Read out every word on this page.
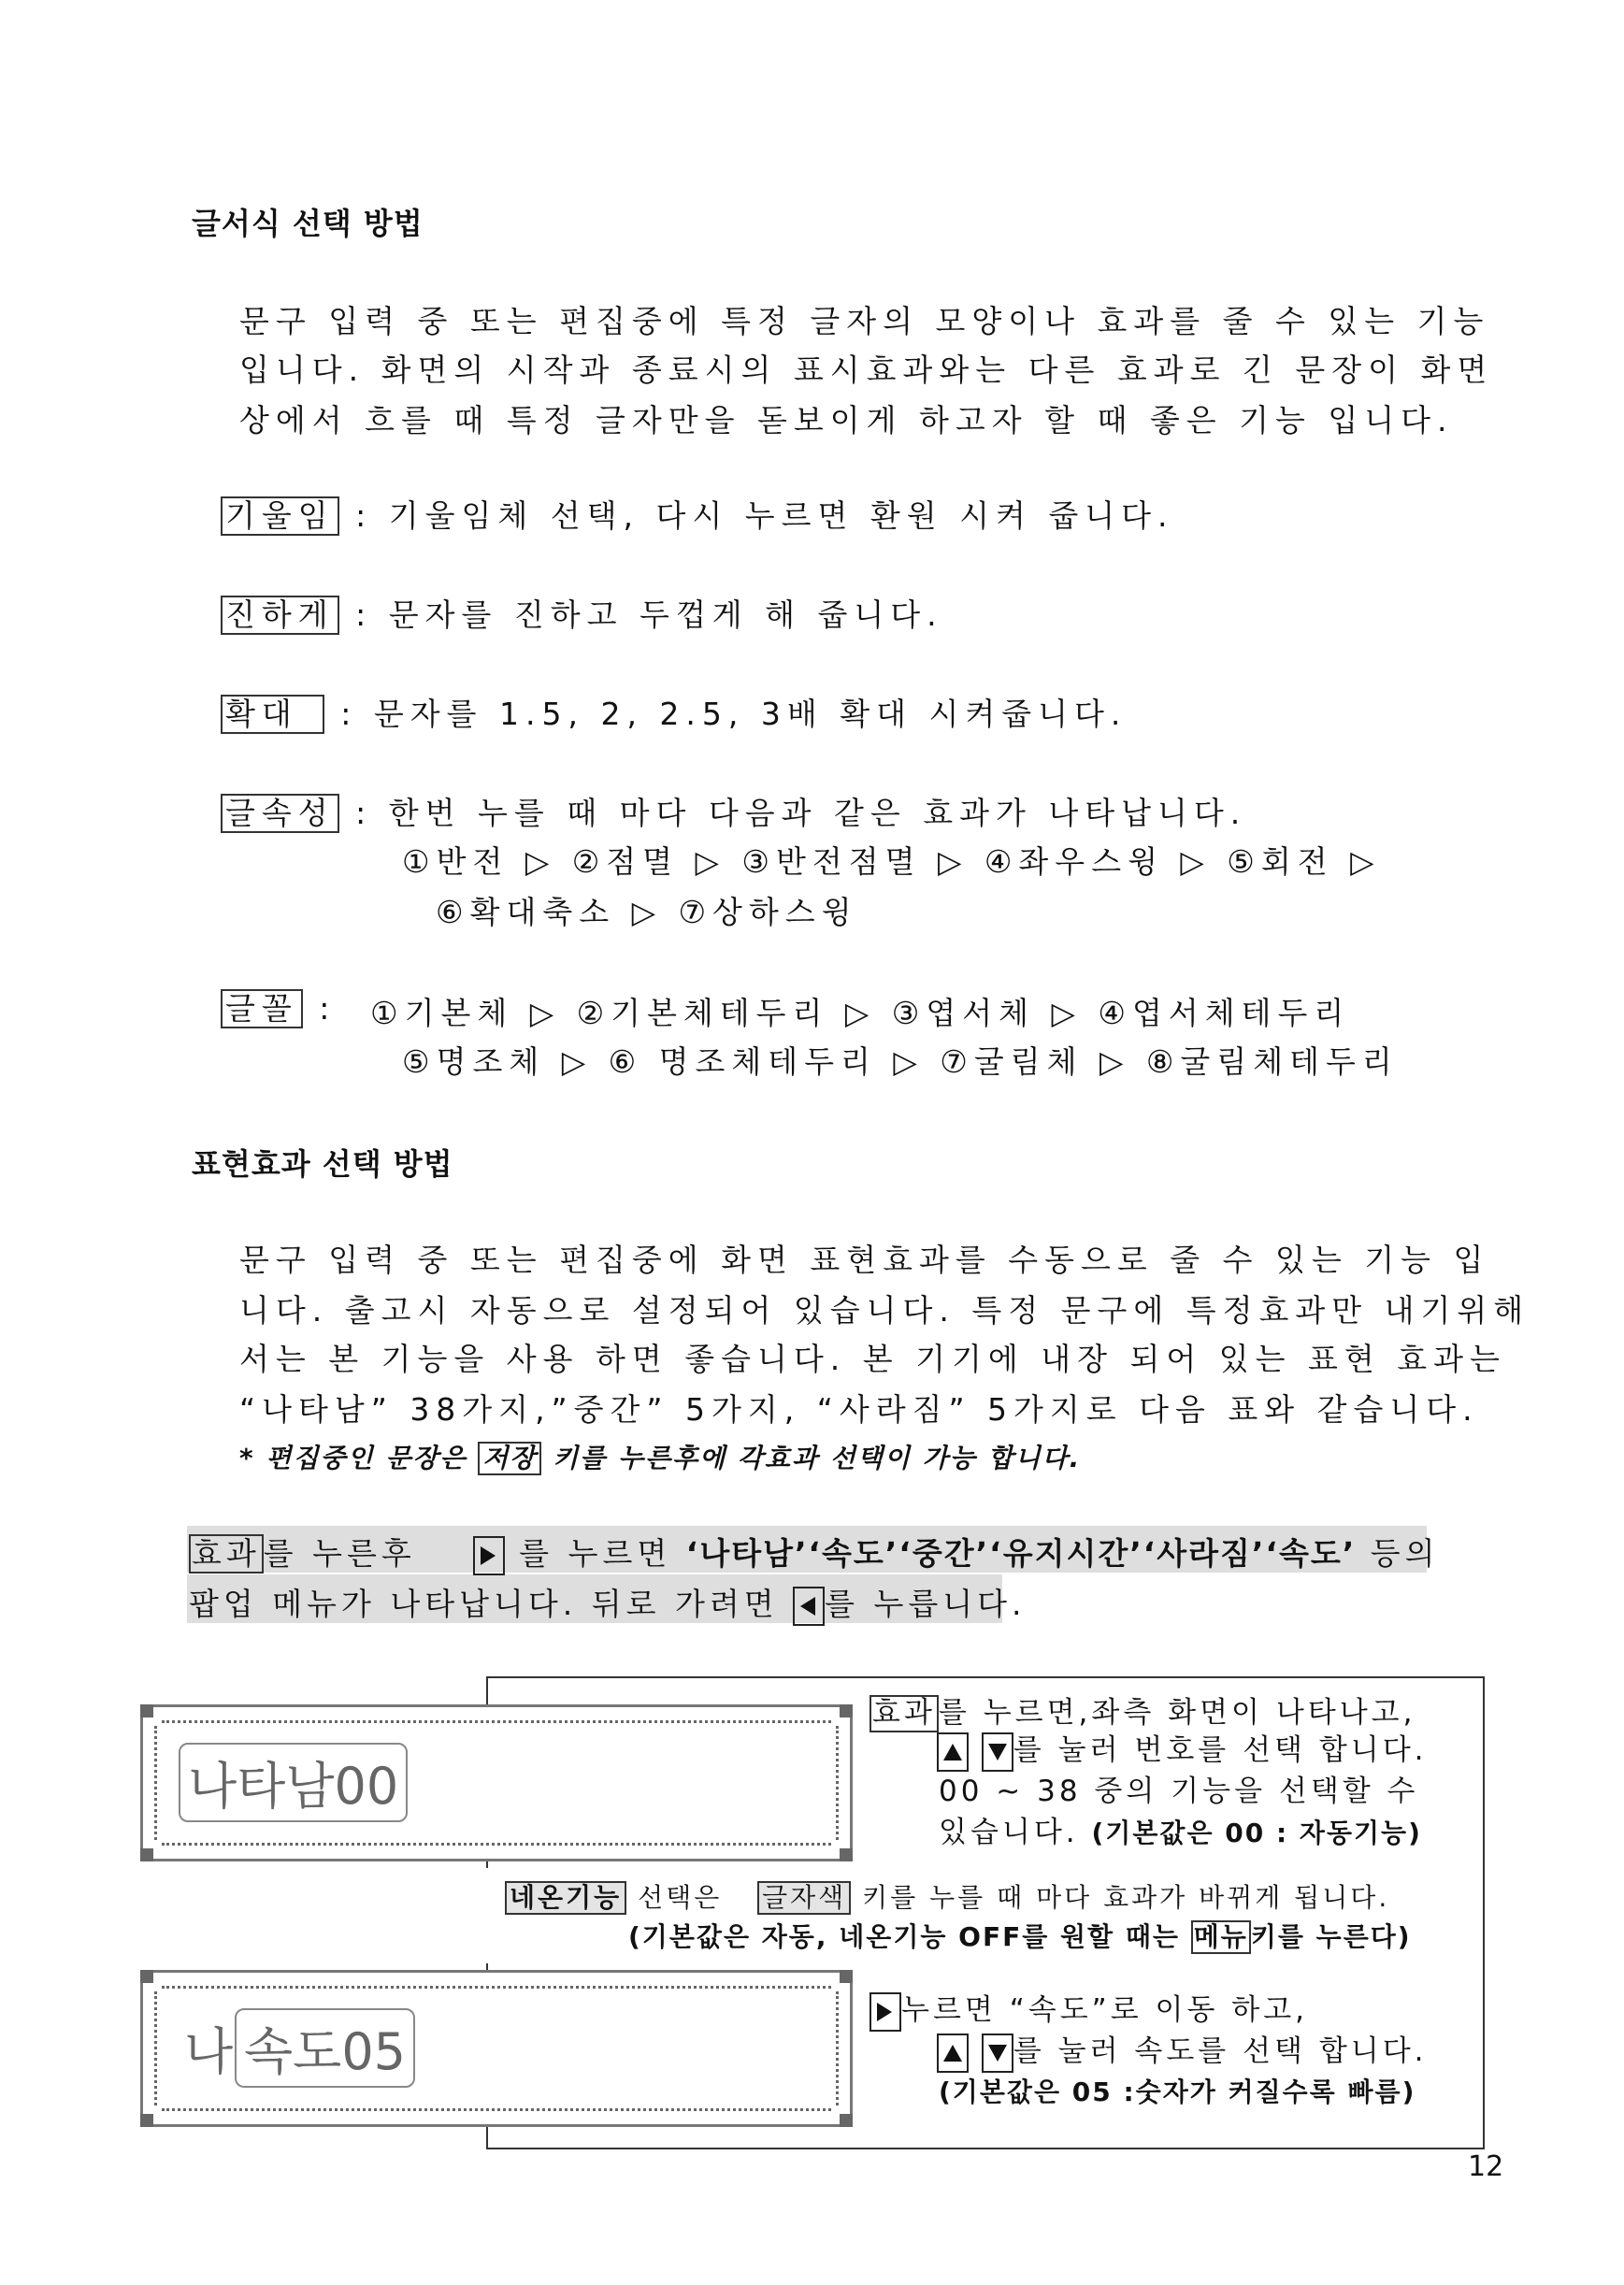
글서식 선택 방법
문구 입력 중 또는 편집중에 특정 글자의 모양이나 효과를 줄 수 있는 기능
입니다. 화면의 시작과 종료시의 표시효과와는 다른 효과로 긴 문장이 화면
상에서 흐를 때 특정 글자만을 돋보이게 하고자 할 때 좋은 기능 입니다.
기울임 : 기울임체 선택, 다시 누르면 환원 시켜 줍니다.
진하게 : 문자를 진하고 두껍게 해 줍니다.
확대 : 문자를 1.5, 2, 2.5, 3배 확대 시켜줍니다.
글속성 : 한번 누를 때 마다 다음과 같은 효과가 나타납니다.
①반전 ▷ ②점멸 ▷ ③반전점멸 ▷ ④좌우스윙 ▷ ⑤회전 ▷
⑥확대축소 ▷ ⑦상하스윙
글꼴 : ①기본체 ▷ ②기본체테두리 ▷ ③엽서체 ▷ ④엽서체테두리
⑤명조체 ▷ ⑥ 명조체테두리 ▷ ⑦굴림체 ▷ ⑧굴림체테두리
표현효과 선택 방법
문구 입력 중 또는 편집중에 화면 표현효과를 수동으로 줄 수 있는 기능 입
니다. 출고시 자동으로 설정되어 있습니다. 특정 문구에 특정효과만 내기위해
서는 본 기능을 사용 하면 좋습니다. 본 기기에 내장 되어 있는 표현 효과는
“나타남” 38가지,”중간” 5가지, “사라짐” 5가지로 다음 표와 같습니다.
* 편집중인 문장은 저장 키를 누른후에 각효과 선택이 가능 합니다.
효과를 누른후	를 누르면 ‘나타남’‘속도’‘중간’‘유지시간’‘사라짐’‘속도’ 등의
팝업 메뉴가 나타납니다. 뒤로 가려면 를 누릅니다.
나타남00
나 속도05
효과를 누르면,좌측 화면이 나타나고,

를 눌러 번호를 선택 합니다.
00 ~ 38 중의 기능을 선택할 수
있습니다. (기본값은 00 : 자동기능)
네온기능 선택은 글자색 키를 누를 때 마다 효과가 바뀌게 됩니다.
(기본값은 자동, 네온기능 OFF를 원할 때는 메뉴 키를 누른다)
누르면 “속도”로 이동 하고,

를 눌러 속도를 선택 합니다.
(기본값은 05 :숫자가 커질수록 빠름)
12
